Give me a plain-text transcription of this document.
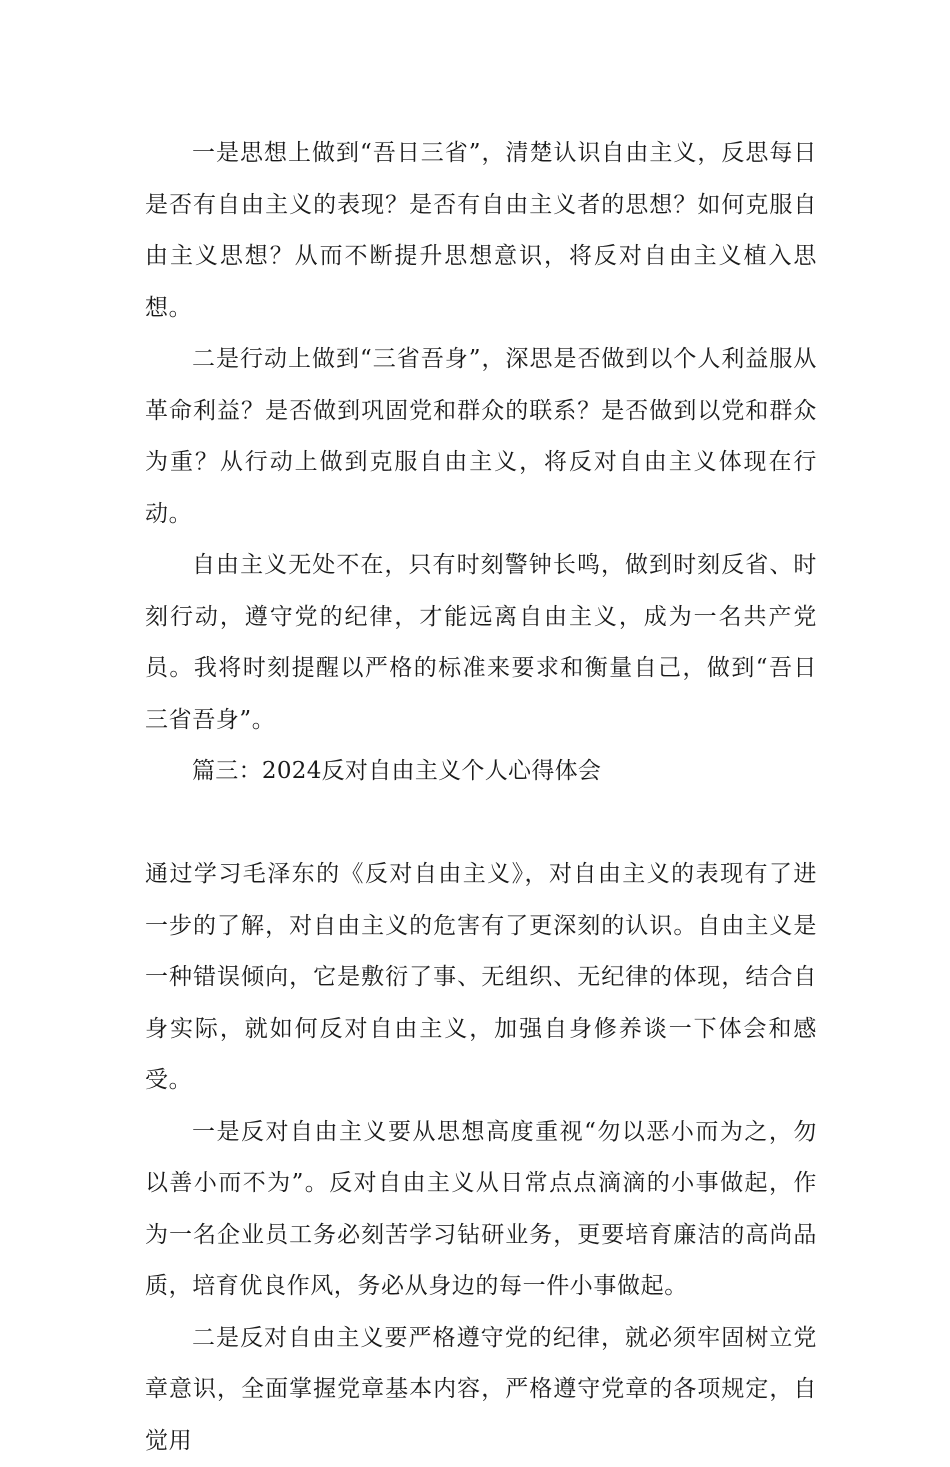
一是思想上做到“吾日三省”，清楚认识自由主义，反思每日是否有自由主义的表现？是否有自由主义者的思想？如何克服自由主义思想？从而不断提升思想意识，将反对自由主义植入思想。

二是行动上做到“三省吾身”，深思是否做到以个人利益服从革命利益？是否做到巩固党和群众的联系？是否做到以党和群众为重？从行动上做到克服自由主义，将反对自由主义体现在行动。

自由主义无处不在，只有时刻警钟长鸣，做到时刻反省、时刻行动，遵守党的纪律，才能远离自由主义，成为一名共产党员。我将时刻提醒以严格的标准来要求和衡量自己，做到“吾日三省吾身”。

篇三：2024反对自由主义个人心得体会

通过学习毛泽东的《反对自由主义》，对自由主义的表现有了进一步的了解，对自由主义的危害有了更深刻的认识。自由主义是一种错误倾向，它是敷衍了事、无组织、无纪律的体现，结合自身实际，就如何反对自由主义，加强自身修养谈一下体会和感受。

一是反对自由主义要从思想高度重视“勿以恶小而为之，勿以善小而不为”。反对自由主义从日常点点滴滴的小事做起，作为一名企业员工务必刻苦学习钻研业务，更要培育廉洁的高尚品质，培育优良作风，务必从身边的每一件小事做起。

二是反对自由主义要严格遵守党的纪律，就必须牢固树立党章意识，全面掌握党章基本内容，严格遵守党章的各项规定，自觉用
